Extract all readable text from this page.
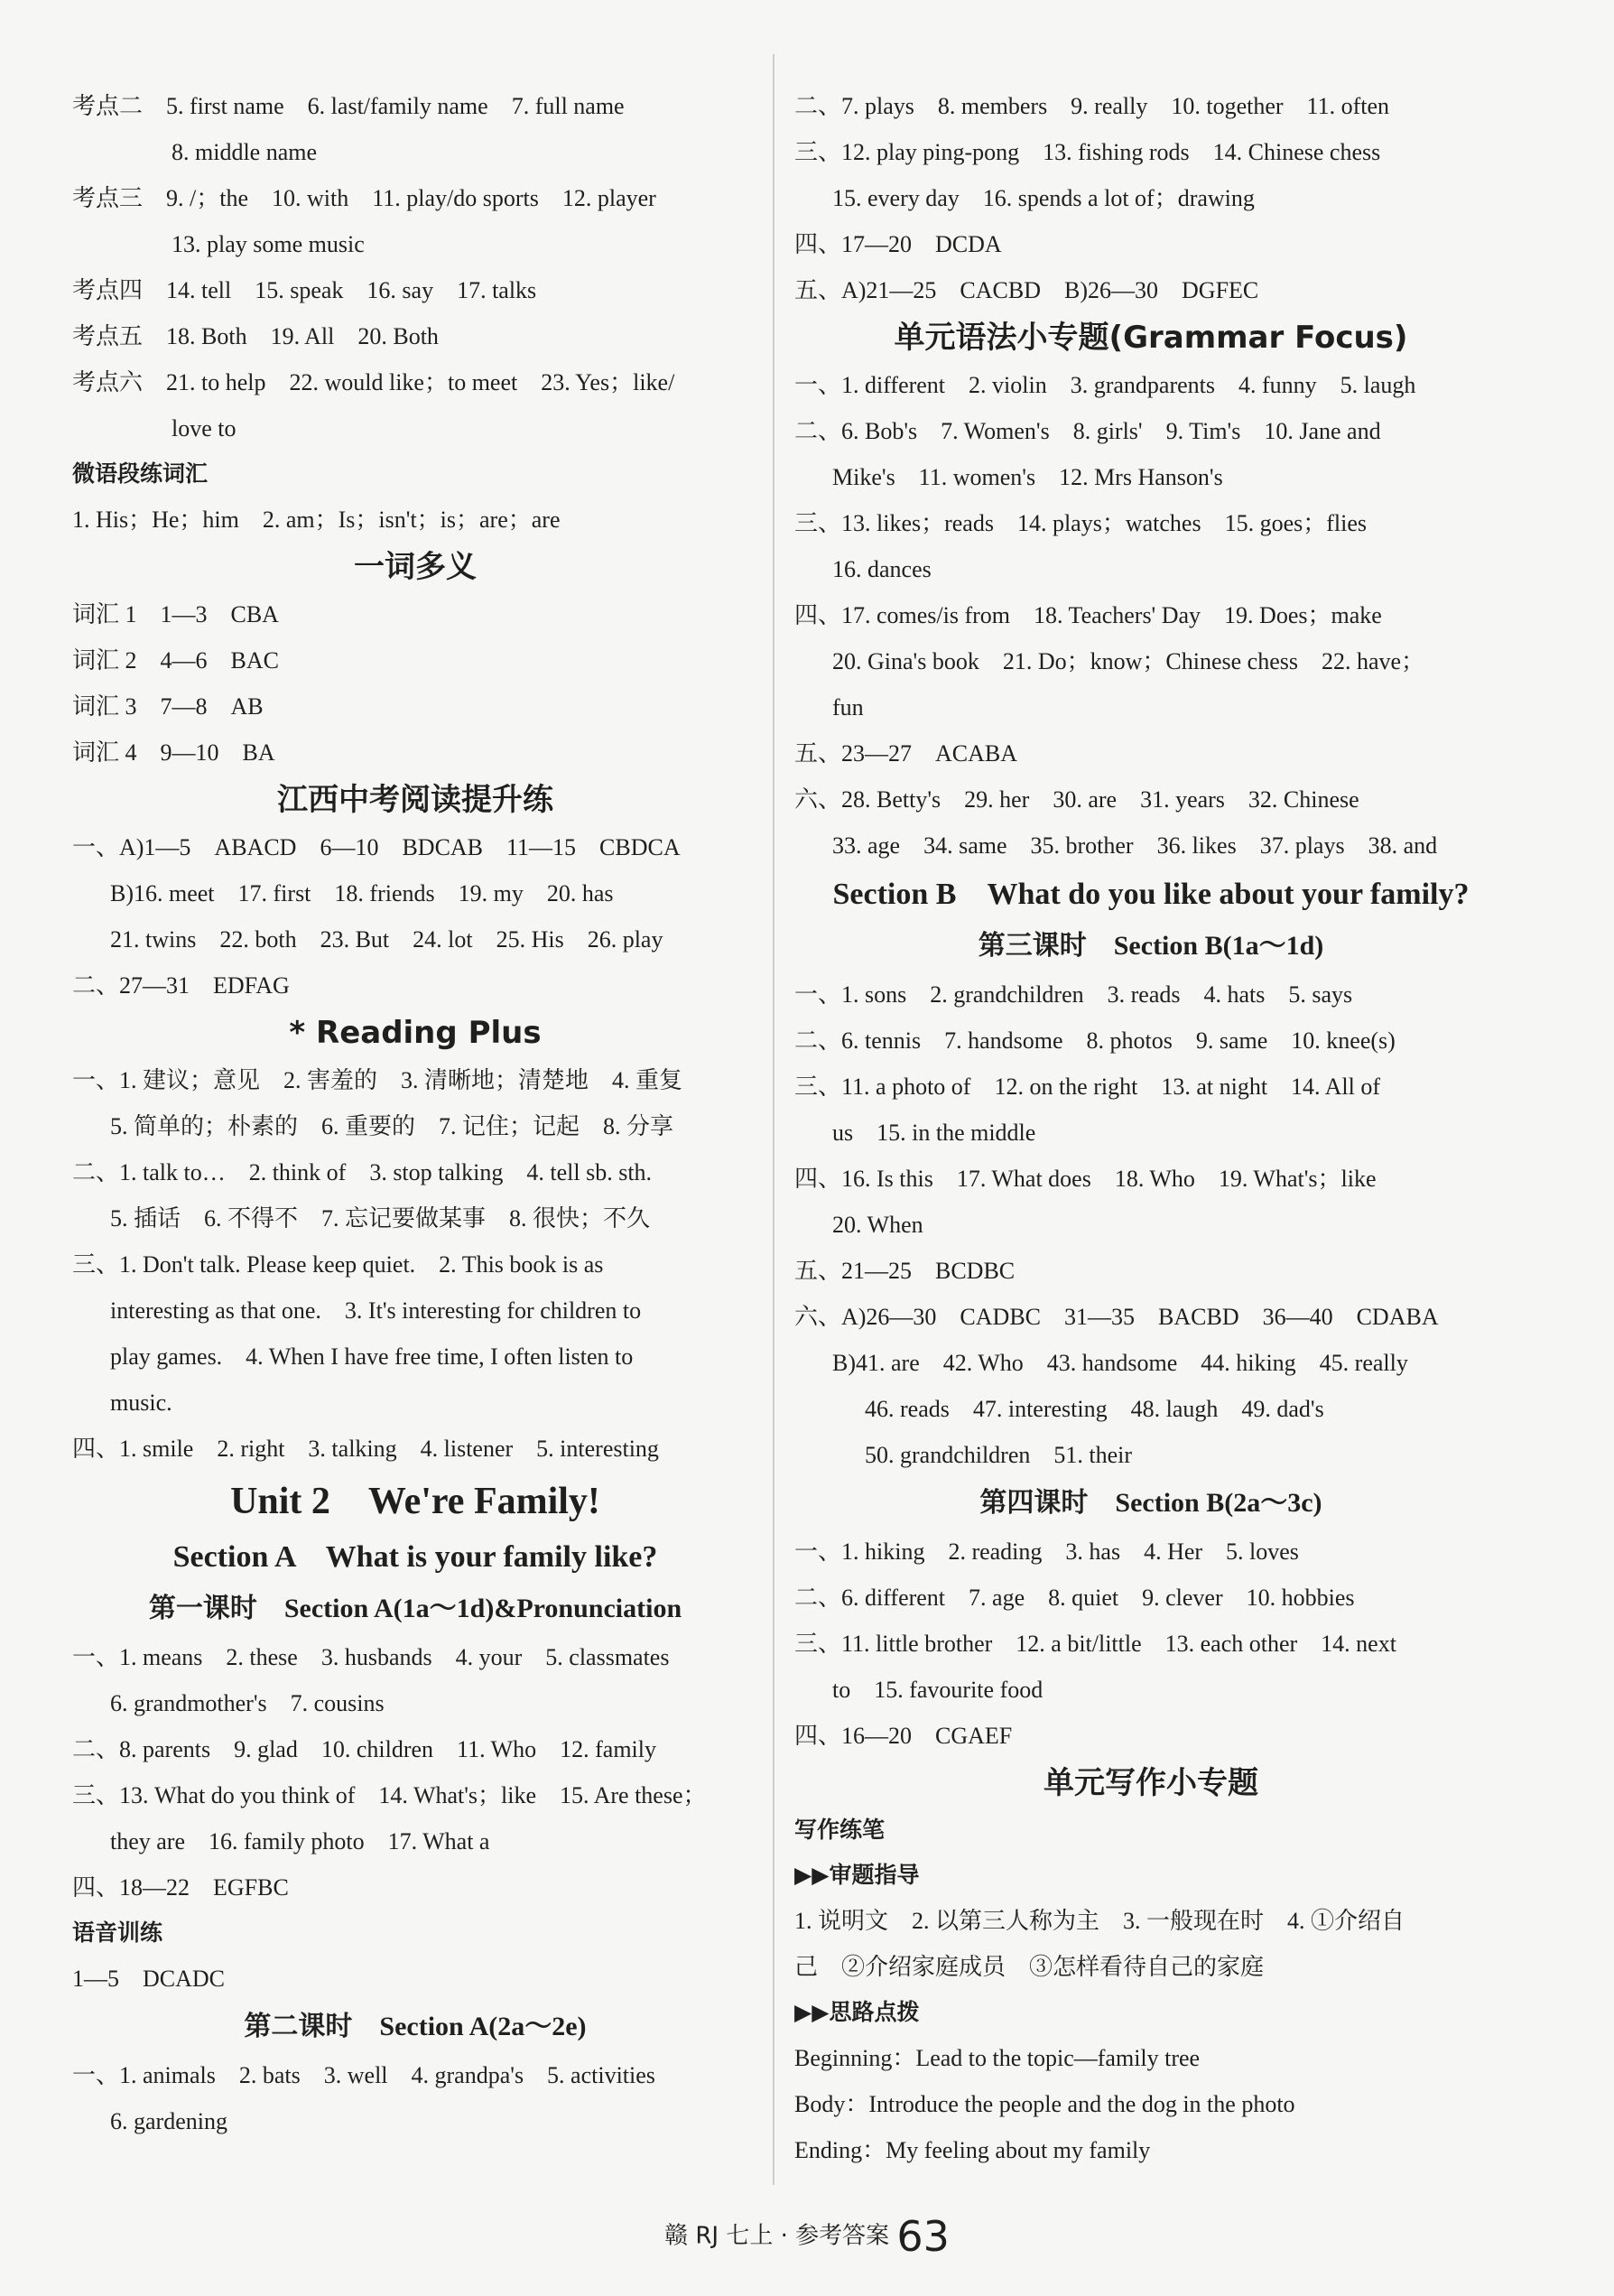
考点二　5. first name　6. last/family name　7. full name
8. middle name
考点三　9. /；the　10. with　11. play/do sports　12. player
13. play some music
考点四　14. tell　15. speak　16. say　17. talks
考点五　18. Both　19. All　20. Both
考点六　21. to help　22. would like；to meet　23. Yes；like/
love to
微语段练词汇
1. His；He；him　2. am；Is；isn't；is；are；are
一词多义
词汇 1　1—3　CBA
词汇 2　4—6　BAC
词汇 3　7—8　AB
词汇 4　9—10　BA
江西中考阅读提升练
一、A)1—5　ABACD　6—10　BDCAB　11—15　CBDCA
B)16. meet　17. first　18. friends　19. my　20. has
21. twins　22. both　23. But　24. lot　25. His　26. play
二、27—31　EDFAG
* Reading Plus
一、1. 建议；意见　2. 害羞的　3. 清晰地；清楚地　4. 重复
5. 简单的；朴素的　6. 重要的　7. 记住；记起　8. 分享
二、1. talk to…　2. think of　3. stop talking　4. tell sb. sth.
5. 插话　6. 不得不　7. 忘记要做某事　8. 很快；不久
三、1. Don't talk. Please keep quiet.　2. This book is as
interesting as that one.　3. It's interesting for children to
play games.　4. When I have free time, I often listen to
music.
四、1. smile　2. right　3. talking　4. listener　5. interesting
Unit 2　We're Family!
Section A　What is your family like?
第一课时　Section A(1a～1d)&Pronunciation
一、1. means　2. these　3. husbands　4. your　5. classmates
6. grandmother's　7. cousins
二、8. parents　9. glad　10. children　11. Who　12. family
三、13. What do you think of　14. What's；like　15. Are these；
they are　16. family photo　17. What a
四、18—22　EGFBC
语音训练
1—5　DCADC
第二课时　Section A(2a～2e)
一、1. animals　2. bats　3. well　4. grandpa's　5. activities
6. gardening
二、7. plays　8. members　9. really　10. together　11. often
三、12. play ping-pong　13. fishing rods　14. Chinese chess
15. every day　16. spends a lot of；drawing
四、17—20　DCDA
五、A)21—25　CACBD　B)26—30　DGFEC
单元语法小专题(Grammar Focus)
一、1. different　2. violin　3. grandparents　4. funny　5. laugh
二、6. Bob's　7. Women's　8. girls'　9. Tim's　10. Jane and
Mike's　11. women's　12. Mrs Hanson's
三、13. likes；reads　14. plays；watches　15. goes；flies
16. dances
四、17. comes/is from　18. Teachers' Day　19. Does；make
20. Gina's book　21. Do；know；Chinese chess　22. have；
fun
五、23—27　ACABA
六、28. Betty's　29. her　30. are　31. years　32. Chinese
33. age　34. same　35. brother　36. likes　37. plays　38. and
Section B　What do you like about your family?
第三课时　Section B(1a～1d)
一、1. sons　2. grandchildren　3. reads　4. hats　5. says
二、6. tennis　7. handsome　8. photos　9. same　10. knee(s)
三、11. a photo of　12. on the right　13. at night　14. All of
us　15. in the middle
四、16. Is this　17. What does　18. Who　19. What's；like
20. When
五、21—25　BCDBC
六、A)26—30　CADBC　31—35　BACBD　36—40　CDABA
B)41. are　42. Who　43. handsome　44. hiking　45. really
46. reads　47. interesting　48. laugh　49. dad's
50. grandchildren　51. their
第四课时　Section B(2a～3c)
一、1. hiking　2. reading　3. has　4. Her　5. loves
二、6. different　7. age　8. quiet　9. clever　10. hobbies
三、11. little brother　12. a bit/little　13. each other　14. next
to　15. favourite food
四、16—20　CGAEF
单元写作小专题
写作练笔
▶▶审题指导
1. 说明文　2. 以第三人称为主　3. 一般现在时　4. ①介绍自
己　②介绍家庭成员　③怎样看待自己的家庭
▶▶思路点拨
Beginning：Lead to the topic—family tree
Body：Introduce the people and the dog in the photo
Ending：My feeling about my family
赣 RJ 七上 · 参考答案 63
